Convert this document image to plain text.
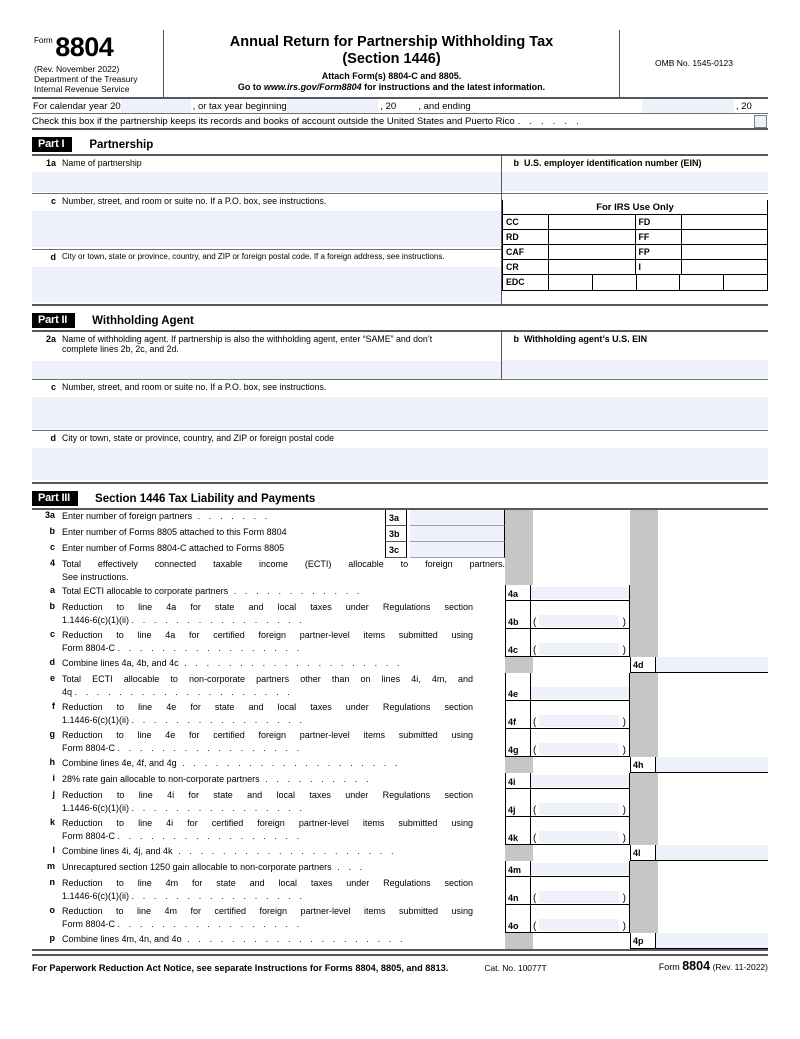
Form 8804
(Rev. November 2022)
Department of the Treasury
Internal Revenue Service
Annual Return for Partnership Withholding Tax
(Section 1446)
Attach Form(s) 8804-C and 8805.
Go to www.irs.gov/Form8804 for instructions and the latest information.
OMB No. 1545-0123
For calendar year 20	, or tax year beginning	, 20	, and ending	, 20
Check this box if the partnership keeps its records and books of account outside the United States and Puerto Rico . . . . . .
Part I	Partnership
1a Name of partnership
c Number, street, and room or suite no. If a P.O. box, see instructions.
d City or town, state or province, country, and ZIP or foreign postal code. If a foreign address, see instructions.
b U.S. employer identification number (EIN)
For IRS Use Only
CC	FD
RD	FF
CAF	FP
CR	I
EDC
Part II	Withholding Agent
2a Name of withholding agent. If partnership is also the withholding agent, enter “SAME” and don’t
complete lines 2b, 2c, and 2d.
b Withholding agent’s U.S. EIN
c Number, street, and room or suite no. If a P.O. box, see instructions.
d City or town, state or province, country, and ZIP or foreign postal code
Part III	Section 1446 Tax Liability and Payments
3a Enter number of foreign partners . . . . . . .	3a
b Enter number of Forms 8805 attached to this Form 8804	3b
c Enter number of Forms 8804-C attached to Forms 8805	3c
4 Total effectively connected taxable income (ECTI) allocable to foreign partners.
See instructions.
a Total ECTI allocable to corporate partners . . . . . . . . . . . .	4a
b Reduction to line 4a for state and local taxes under Regulations section
1.1446-6(c)(1)(ii) . . . . . . . . . . . . . . . .	4b	(	)
c Reduction to line 4a for certified foreign partner-level items submitted using
Form 8804-C . . . . . . . . . . . . . . . . .	4c	(	)
d Combine lines 4a, 4b, and 4c . . . . . . . . . . . . . . . . . . . .	4d
e Total ECTI allocable to non-corporate partners other than on lines 4i, 4m, and
4q . . . . . . . . . . . . . . . . . . . .	4e
f Reduction to line 4e for state and local taxes under Regulations section
1.1446-6(c)(1)(ii) . . . . . . . . . . . . . . . .	4f	(	)
g Reduction to line 4e for certified foreign partner-level items submitted using
Form 8804-C . . . . . . . . . . . . . . . . .	4g	(	)
h Combine lines 4e, 4f, and 4g . . . . . . . . . . . . . . . . . . . .	4h
i 28% rate gain allocable to non-corporate partners . . . . . . . . . .	4i
j Reduction to line 4i for state and local taxes under Regulations section
1.1446-6(c)(1)(ii) . . . . . . . . . . . . . . . .	4j	(	)
k Reduction to line 4i for certified foreign partner-level items submitted using
Form 8804-C . . . . . . . . . . . . . . . . .	4k	(	)
l Combine lines 4i, 4j, and 4k . . . . . . . . . . . . . . . . . . . .	4l
m Unrecaptured section 1250 gain allocable to non-corporate partners . . .	4m
n Reduction to line 4m for state and local taxes under Regulations section
1.1446-6(c)(1)(ii) . . . . . . . . . . . . . . . .	4n	(	)
o Reduction to line 4m for certified foreign partner-level items submitted using
Form 8804-C . . . . . . . . . . . . . . . . .	4o	(	)
p Combine lines 4m, 4n, and 4o . . . . . . . . . . . . . . . . . . . .	4p
For Paperwork Reduction Act Notice, see separate Instructions for Forms 8804, 8805, and 8813.	Cat. No. 10077T	Form 8804 (Rev. 11-2022)
